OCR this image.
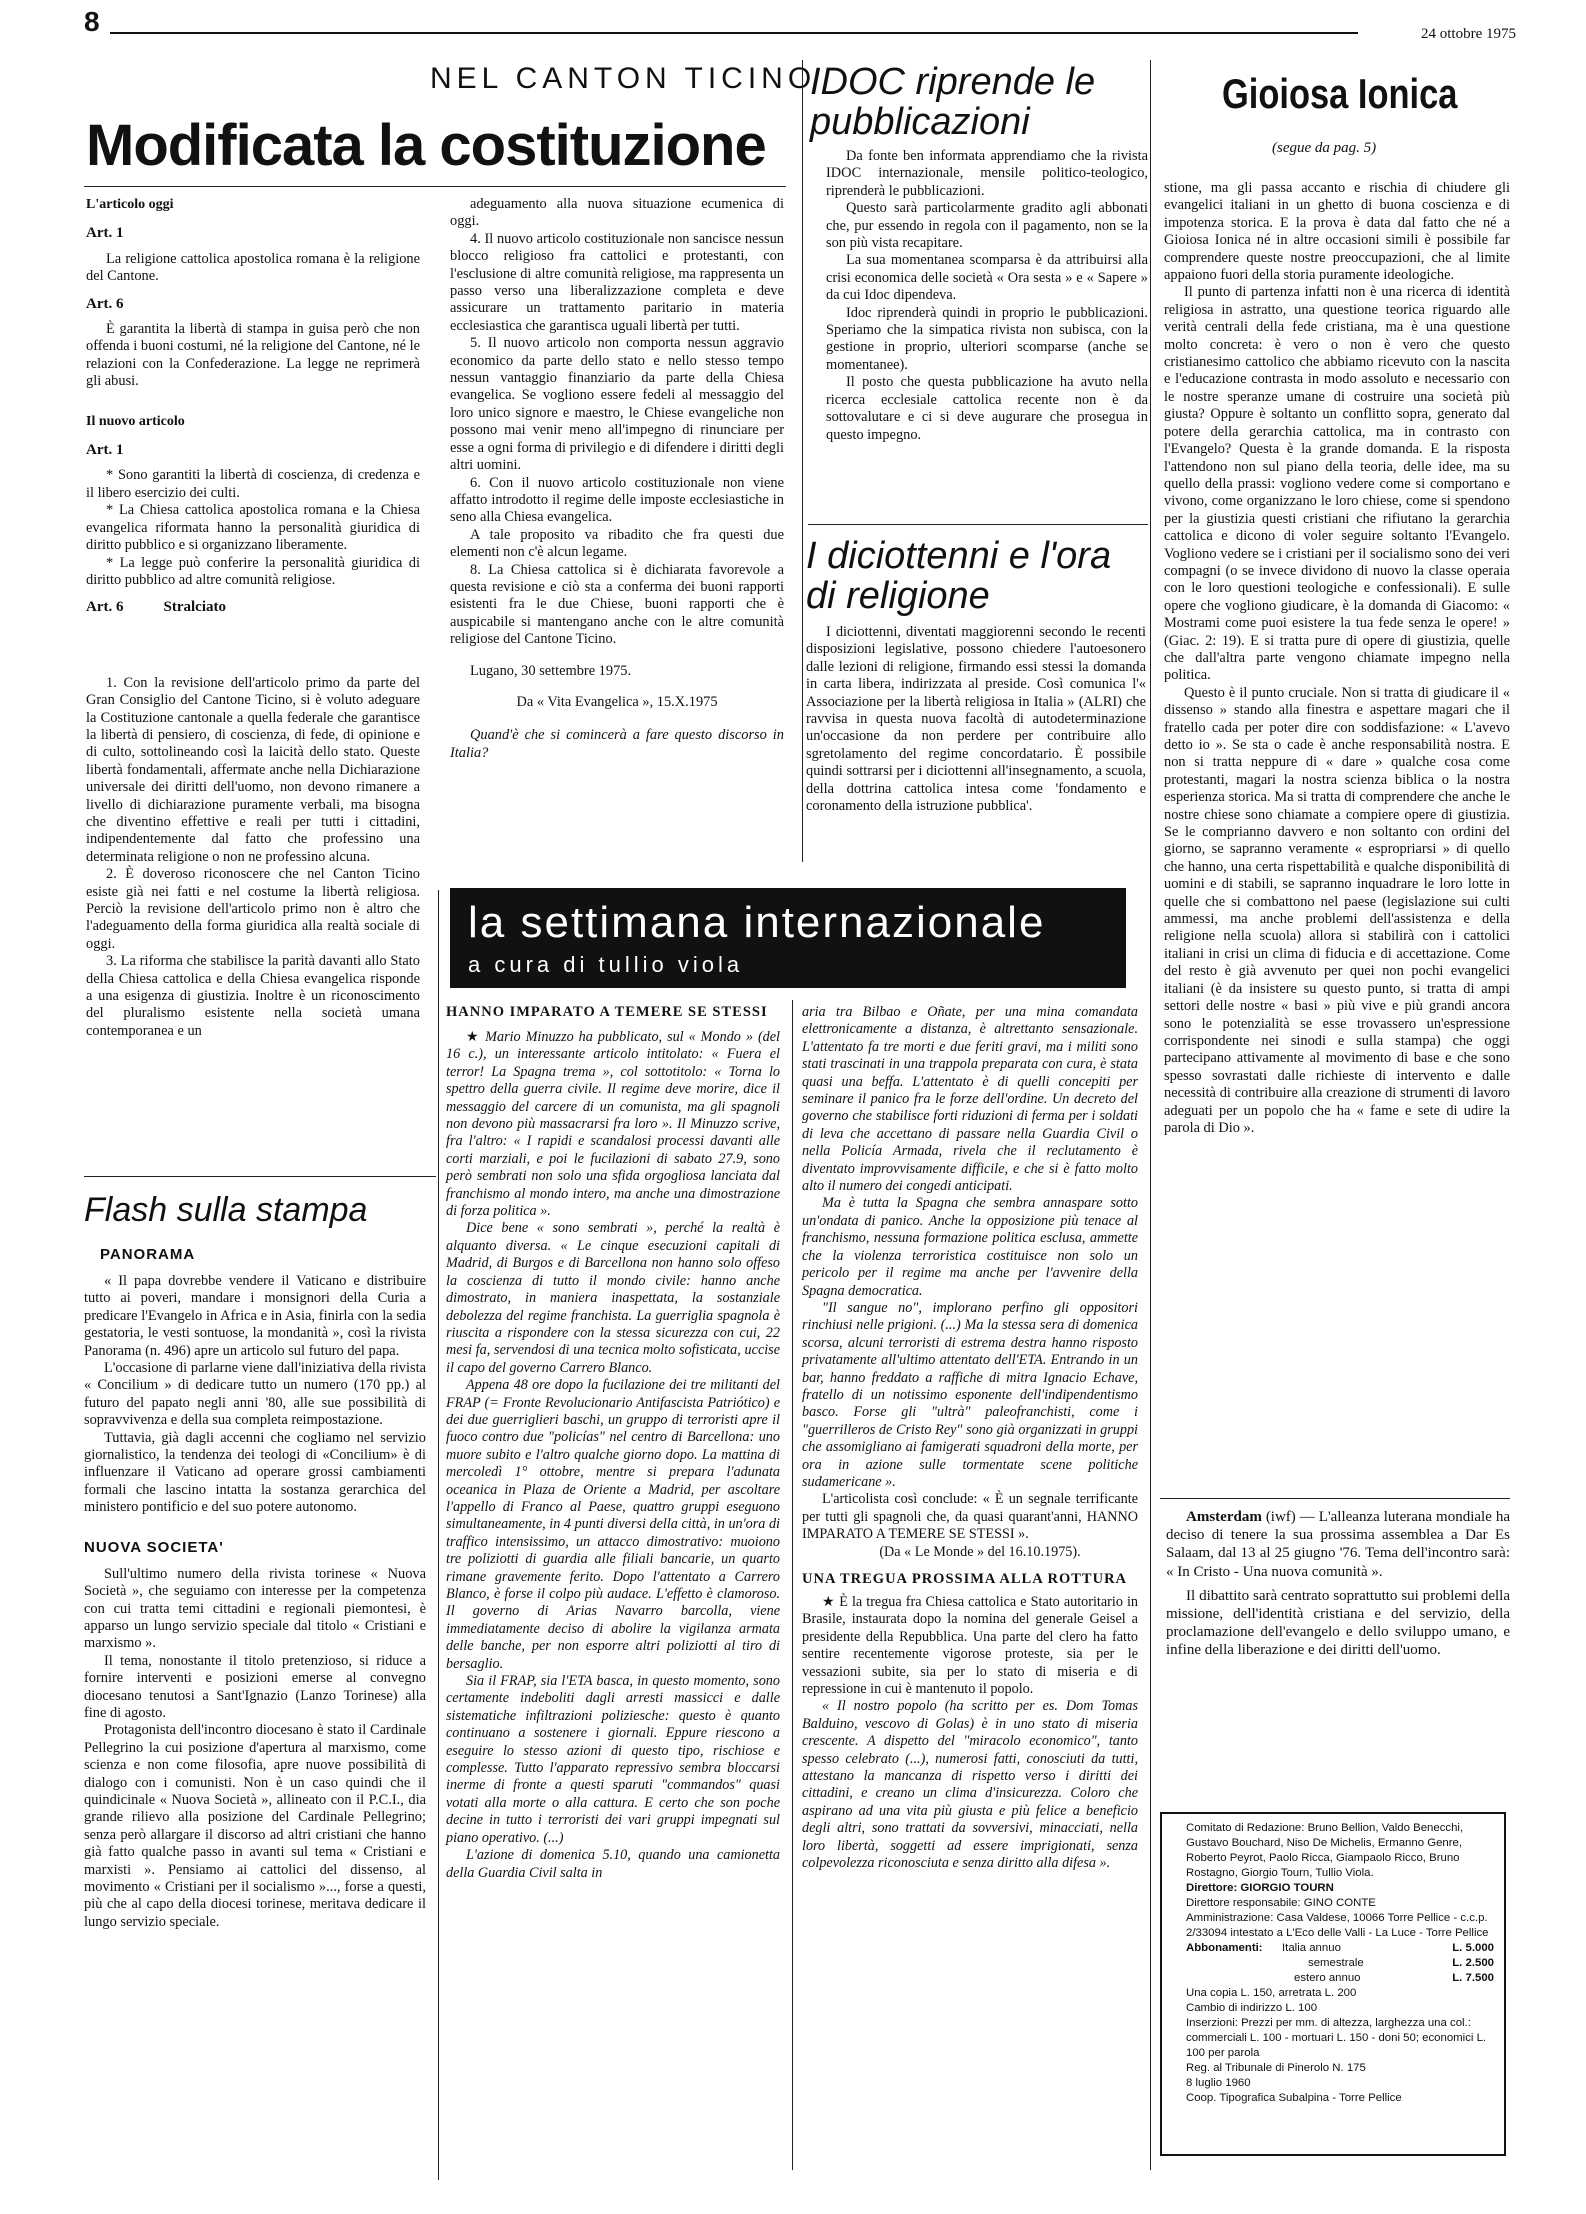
8	24 ottobre 1975
NEL CANTON TICINO
Modificata la costituzione
L'articolo oggi
Art. 1

La religione cattolica apostolica romana è la religione del Cantone.

Art. 6

È garantita la libertà di stampa in guisa però che non offenda i buoni costumi, né la religione del Cantone, né le relazioni con la Confederazione. La legge ne reprimerà gli abusi.

Il nuovo articolo
Art. 1

* Sono garantiti la libertà di coscienza, di credenza e il libero esercizio dei culti.

* La Chiesa cattolica apostolica romana e la Chiesa evangelica riformata hanno la personalità giuridica di diritto pubblico e si organizzano liberamente.

* La legge può conferire la personalità giuridica di diritto pubblico ad altre comunità religiose.

Art. 6	Stralciato

1. Con la revisione dell'articolo primo da parte del Gran Consiglio del Cantone Ticino, si è voluto adeguare la Costituzione cantonale a quella federale che garantisce la libertà di pensiero, di coscienza, di fede, di opinione e di culto, sottolineando così la laicità dello stato. Queste libertà fondamentali, affermate anche nella Dichiarazione universale dei diritti dell'uomo, non devono rimanere a livello di dichiarazione puramente verbali, ma bisogna che diventino effettive e reali per tutti i cittadini, indipendentemente dal fatto che professino una determinata religione o non ne professino alcuna.

2. È doveroso riconoscere che nel Canton Ticino esiste già nei fatti e nel costume la libertà religiosa. Perciò la revisione dell'articolo primo non è altro che l'adeguamento della forma giuridica alla realtà sociale di oggi.

3. La riforma che stabilisce la parità davanti allo Stato della Chiesa cattolica e della Chiesa evangelica risponde a una esigenza di giustizia. Inoltre è un riconoscimento del pluralismo esistente nella società umana contemporanea e un

adeguamento alla nuova situazione ecumenica di oggi.

4. Il nuovo articolo costituzionale non sancisce nessun blocco religioso fra cattolici e protestanti, con l'esclusione di altre comunità religiose, ma rappresenta un passo verso una liberalizzazione completa e deve assicurare un trattamento paritario in materia ecclesiastica che garantisca uguali libertà per tutti.

5. Il nuovo articolo non comporta nessun aggravio economico da parte dello stato e nello stesso tempo nessun vantaggio finanziario da parte della Chiesa evangelica. Se vogliono essere fedeli al messaggio del loro unico signore e maestro, le Chiese evangeliche non possono mai venir meno all'impegno di rinunciare per esse a ogni forma di privilegio e di difendere i diritti degli altri uomini.

6. Con il nuovo articolo costituzionale non viene affatto introdotto il regime delle imposte ecclesiastiche in seno alla Chiesa evangelica.

A tale proposito va ribadito che fra questi due elementi non c'è alcun legame.

8. La Chiesa cattolica si è dichiarata favorevole a questa revisione e ciò sta a conferma dei buoni rapporti esistenti fra le due Chiese, buoni rapporti che è auspicabile si mantengano anche con le altre comunità religiose del Cantone Ticino.

Lugano, 30 settembre 1975.

Da « Vita Evangelica », 15.X.1975

Quand'è che si comincerà a fare questo discorso in Italia?

IDOC riprende le pubblicazioni

Da fonte ben informata apprendiamo che la rivista IDOC internazionale, mensile politico-teologico, riprenderà le pubblicazioni.

Questo sarà particolarmente gradito agli abbonati che, pur essendo in regola con il pagamento, non se la son più vista recapitare.

La sua momentanea scomparsa è da attribuirsi alla crisi economica delle società « Ora sesta » e « Sapere » da cui Idoc dipendeva.

Idoc riprenderà quindi in proprio le pubblicazioni. Speriamo che la simpatica rivista non subisca, con la gestione in proprio, ulteriori scomparse (anche se momentanee).

Il posto che questa pubblicazione ha avuto nella ricerca ecclesiale cattolica recente non è da sottovalutare e ci si deve augurare che prosegua in questo impegno.

I diciottenni e l'ora di religione

I diciottenni, diventati maggiorenni secondo le recenti disposizioni legislative, possono chiedere l'autoesonero dalle lezioni di religione, firmando essi stessi la domanda in carta libera, indirizzata al preside. Così comunica l'« Associazione per la libertà religiosa in Italia » (ALRI) che ravvisa in questa nuova facoltà di autodeterminazione un'occasione da non perdere per contribuire allo sgretolamento del regime concordatario. È possibile quindi sottrarsi per i diciottenni all'insegnamento, a scuola, della dottrina cattolica intesa come 'fondamento e coronamento della istruzione pubblica'.

Gioiosa Ionica
(segue da pag. 5)

stione, ma gli passa accanto e rischia di chiudere gli evangelici italiani in un ghetto di buona coscienza e di impotenza storica. E la prova è data dal fatto che né a Gioiosa Ionica né in altre occasioni simili è possibile far comprendere queste nostre preoccupazioni, che al limite appaiono fuori della storia puramente ideologiche.

Il punto di partenza infatti non è una ricerca di identità religiosa in astratto, una questione teorica riguardo alle verità centrali della fede cristiana, ma è una questione molto concreta: è vero o non è vero che questo cristianesimo cattolico che abbiamo ricevuto con la nascita e l'educazione contrasta in modo assoluto e necessario con le nostre speranze umane di costruire una società più giusta? Oppure è soltanto un conflitto sopra, generato dal potere della gerarchia cattolica, ma in contrasto con l'Evangelo? Questa è la grande domanda. E la risposta l'attendono non sul piano della teoria, delle idee, ma su quello della prassi: vogliono vedere come si comportano e vivono, come organizzano le loro chiese, come si spendono per la giustizia questi cristiani che rifiutano la gerarchia cattolica e dicono di voler seguire soltanto l'Evangelo. Vogliono vedere se i cristiani per il socialismo sono dei veri compagni (o se invece dividono di nuovo la classe operaia con le loro questioni teologiche e confessionali). E sulle opere che vogliono giudicare, è la domanda di Giacomo: « Mostrami come puoi esistere la tua fede senza le opere! » (Giac. 2: 19). E si tratta pure di opere di giustizia, quelle che dall'altra parte vengono chiamate impegno nella politica.

Questo è il punto cruciale. Non si tratta di giudicare il « dissenso » stando alla finestra e aspettare magari che il fratello cada per poter dire con soddisfazione: « L'avevo detto io ». Se sta o cade è anche responsabilità nostra. E non si tratta neppure di « dare » qualche cosa come protestanti, magari la nostra scienza biblica o la nostra esperienza storica. Ma si tratta di comprendere che anche le nostre chiese sono chiamate a compiere opere di giustizia. Se le comprianno davvero e non soltanto con ordini del giorno, se sapranno veramente « espropriarsi » di quello che hanno, una certa rispettabilità e qualche disponibilità di uomini e di stabili, se sapranno inquadrare le loro lotte in quelle che si combattono nel paese (legislazione sui culti ammessi, ma anche problemi dell'assistenza e della religione nella scuola) allora si stabilirà con i cattolici italiani in crisi un clima di fiducia e di accettazione. Come del resto è già avvenuto per quei non pochi evangelici italiani (è da insistere su questo punto, si tratta di ampi settori delle nostre « basi » più vive e più grandi ancora sono le potenzialità se esse trovassero un'espressione corrispondente nei sinodi e sulla stampa) che oggi partecipano attivamente al movimento di base e che sono spesso sovrastati dalle richieste di intervento e dalle necessità di contribuire alla creazione di strumenti di lavoro adeguati per un popolo che ha « fame e sete di udire la parola di Dio ».

Amsterdam (iwf) — L'alleanza luterana mondiale ha deciso di tenere la sua prossima assemblea a Dar Es Salaam, dal 13 al 25 giugno '76. Tema dell'incontro sarà: « In Cristo - Una nuova comunità ».

Il dibattito sarà centrato soprattutto sui problemi della missione, dell'identità cristiana e del servizio, della proclamazione dell'evangelo e dello sviluppo umano, e infine della liberazione e dei diritti dell'uomo.

Flash sulla stampa
PANORAMA

« Il papa dovrebbe vendere il Vaticano e distribuire tutto ai poveri, mandare i monsignori della Curia a predicare l'Evangelo in Africa e in Asia, finirla con la sedia gestatoria, le vesti sontuose, la mondanità », così la rivista Panorama (n. 496) apre un articolo sul futuro del papa.

L'occasione di parlarne viene dall'iniziativa della rivista « Concilium » di dedicare tutto un numero (170 pp.) al futuro del papato negli anni '80, alle sue possibilità di sopravvivenza e della sua completa reimpostazione.

Tuttavia, già dagli accenni che cogliamo nel servizio giornalistico, la tendenza dei teologi di «Concilium» è di influenzare il Vaticano ad operare grossi cambiamenti formali che lascino intatta la sostanza gerarchica del ministero pontificio e del suo potere autonomo.

NUOVA SOCIETA'

Sull'ultimo numero della rivista torinese « Nuova Società », che seguiamo con interesse per la competenza con cui tratta temi cittadini e regionali piemontesi, è apparso un lungo servizio speciale dal titolo « Cristiani e marxismo ».

Il tema, nonostante il titolo pretenzioso, si riduce a fornire interventi e posizioni emerse al convegno diocesano tenutosi a Sant'Ignazio (Lanzo Torinese) alla fine di agosto.

Protagonista dell'incontro diocesano è stato il Cardinale Pellegrino la cui posizione d'apertura al marxismo, come scienza e non come filosofia, apre nuove possibilità di dialogo con i comunisti. Non è un caso quindi che il quindicinale « Nuova Società », allineato con il P.C.I., dia grande rilievo alla posizione del Cardinale Pellegrino; senza però allargare il discorso ad altri cristiani che hanno già fatto qualche passo in avanti sul tema « Cristiani e marxisti ». Pensiamo ai cattolici del dissenso, al movimento « Cristiani per il socialismo »..., forse a questi, più che al capo della diocesi torinese, meritava dedicare il lungo servizio speciale.

la settimana internazionale
a cura di tullio viola
HANNO IMPARATO A TEMERE SE STESSI

★ Mario Minuzzo ha pubblicato, sul « Mondo » (del 16 c.), un interessante articolo intitolato: « Fuera el terror! La Spagna trema », col sottotitolo: « Torna lo spettro della guerra civile. Il regime deve morire, dice il messaggio del carcere di un comunista, ma gli spagnoli non devono più massacrarsi fra loro ». Il Minuzzo scrive, fra l'altro: « I rapidi e scandalosi processi davanti alle corti marziali, e poi le fucilazioni di sabato 27.9, sono però sembrati non solo una sfida orgogliosa lanciata dal franchismo al mondo intero, ma anche una dimostrazione di forza politica ».

Dice bene « sono sembrati », perché la realtà è alquanto diversa. « Le cinque esecuzioni capitali di Madrid, di Burgos e di Barcellona non hanno solo offeso la coscienza di tutto il mondo civile: hanno anche dimostrato, in maniera inaspettata, la sostanziale debolezza del regime franchista. La guerriglia spagnola è riuscita a rispondere con la stessa sicurezza con cui, 22 mesi fa, servendosi di una tecnica molto sofisticata, uccise il capo del governo Carrero Blanco.

Appena 48 ore dopo la fucilazione dei tre militanti del FRAP (= Fronte Revolucionario Antifascista Patriótico) e dei due guerriglieri baschi, un gruppo di terroristi apre il fuoco contro due "policías" nel centro di Barcellona: uno muore subito e l'altro qualche giorno dopo. La mattina di mercoledì 1° ottobre, mentre si prepara l'adunata oceanica in Plaza de Oriente a Madrid, per ascoltare l'appello di Franco al Paese, quattro gruppi eseguono simultaneamente, in 4 punti diversi della città, in un'ora di traffico intensissimo, un attacco dimostrativo: muoiono tre poliziotti di guardia alle filiali bancarie, un quarto rimane gravemente ferito. Dopo l'attentato a Carrero Blanco, è forse il colpo più audace. L'effetto è clamoroso. Il governo di Arias Navarro barcolla, viene immediatamente deciso di abolire la vigilanza armata delle banche, per non esporre altri poliziotti al tiro di bersaglio.

Sia il FRAP, sia l'ETA basca, in questo momento, sono certamente indeboliti dagli arresti massicci e dalle sistematiche infiltrazioni poliziesche: questo è quanto continuano a sostenere i giornali. Eppure riescono a eseguire lo stesso azioni di questo tipo, rischiose e complesse. Tutto l'apparato repressivo sembra bloccarsi inerme di fronte a questi sparuti "commandos" quasi votati alla morte o alla cattura. E certo che son poche decine in tutto i terroristi dei vari gruppi impegnati sul piano operativo. (...)

L'azione di domenica 5.10, quando una camionetta della Guardia Civil salta in

aria tra Bilbao e Oñate, per una mina comandata elettronicamente a distanza, è altrettanto sensazionale. L'attentato fa tre morti e due feriti gravi, ma i militi sono stati trascinati in una trappola preparata con cura, è stata quasi una beffa. L'attentato è di quelli concepiti per seminare il panico fra le forze dell'ordine. Un decreto del governo che stabilisce forti riduzioni di ferma per i soldati di leva che accettano di passare nella Guardia Civil o nella Policía Armada, rivela che il reclutamento è diventato improvvisamente difficile, e che si è fatto molto alto il numero dei congedi anticipati.

Ma è tutta la Spagna che sembra annaspare sotto un'ondata di panico. Anche la opposizione più tenace al franchismo, nessuna formazione politica esclusa, ammette che la violenza terroristica costituisce non solo un pericolo per il regime ma anche per l'avvenire della Spagna democratica.

"Il sangue no", implorano perfino gli oppositori rinchiusi nelle prigioni. (...) Ma la stessa sera di domenica scorsa, alcuni terroristi di estrema destra hanno risposto privatamente all'ultimo attentato dell'ETA. Entrando in un bar, hanno freddato a raffiche di mitra Ignacio Echave, fratello di un notissimo esponente dell'indipendentismo basco. Forse gli "ultrà" paleofranchisti, come i "guerrilleros de Cristo Rey" sono già organizzati in gruppi che assomigliano ai famigerati squadroni della morte, per ora in azione sulle tormentate scene politiche sudamericane ».

L'articolista così conclude: « È un segnale terrificante per tutti gli spagnoli che, da quasi quarant'anni, HANNO IMPARATO A TEMERE SE STESSI ».

(Da « Le Monde » del 16.10.1975).

UNA TREGUA PROSSIMA ALLA ROTTURA

★ È la tregua fra Chiesa cattolica e Stato autoritario in Brasile, instaurata dopo la nomina del generale Geisel a presidente della Repubblica. Una parte del clero ha fatto sentire recentemente vigorose proteste, sia per le vessazioni subite, sia per lo stato di miseria e di repressione in cui è mantenuto il popolo.

« Il nostro popolo (ha scritto per es. Dom Tomas Balduino, vescovo di Golas) è in uno stato di miseria crescente. A dispetto del "miracolo economico", tanto spesso celebrato (...), numerosi fatti, conosciuti da tutti, attestano la mancanza di rispetto verso i diritti dei cittadini, e creano un clima d'insicurezza. Coloro che aspirano ad una vita più giusta e più felice a beneficio degli altri, sono trattati da sovversivi, minacciati, nella loro libertà, soggetti ad essere imprigionati, senza colpevolezza riconosciuta e senza diritto alla difesa ».

Comitato di Redazione: Bruno Bellion, Valdo Benecchi, Gustavo Bouchard, Niso De Michelis, Ermanno Genre, Roberto Peyrot, Paolo Ricca, Giampaolo Ricco, Bruno Rostagno, Giorgio Tourn, Tullio Viola.

Direttore: GIORGIO TOURN

Direttore responsabile: GINO CONTE

Amministrazione: Casa Valdese, 10066 Torre Pellice - c.c.p. 2/33094 intestato a L'Eco delle Valli - La Luce - Torre Pellice

Abbonamenti:	Italia annuo	L. 5.000
semestrale	L. 2.500
estero annuo	L. 7.500

Una copia L. 150, arretrata L. 200

Cambio di indirizzo L. 100

Inserzioni: Prezzi per mm. di altezza, larghezza una col.: commerciali L. 100 - mortuari L. 150 - doni 50; economici L. 100 per parola

Reg. al Tribunale di Pinerolo N. 175

8 luglio 1960

Coop. Tipografica Subalpina - Torre Pellice
